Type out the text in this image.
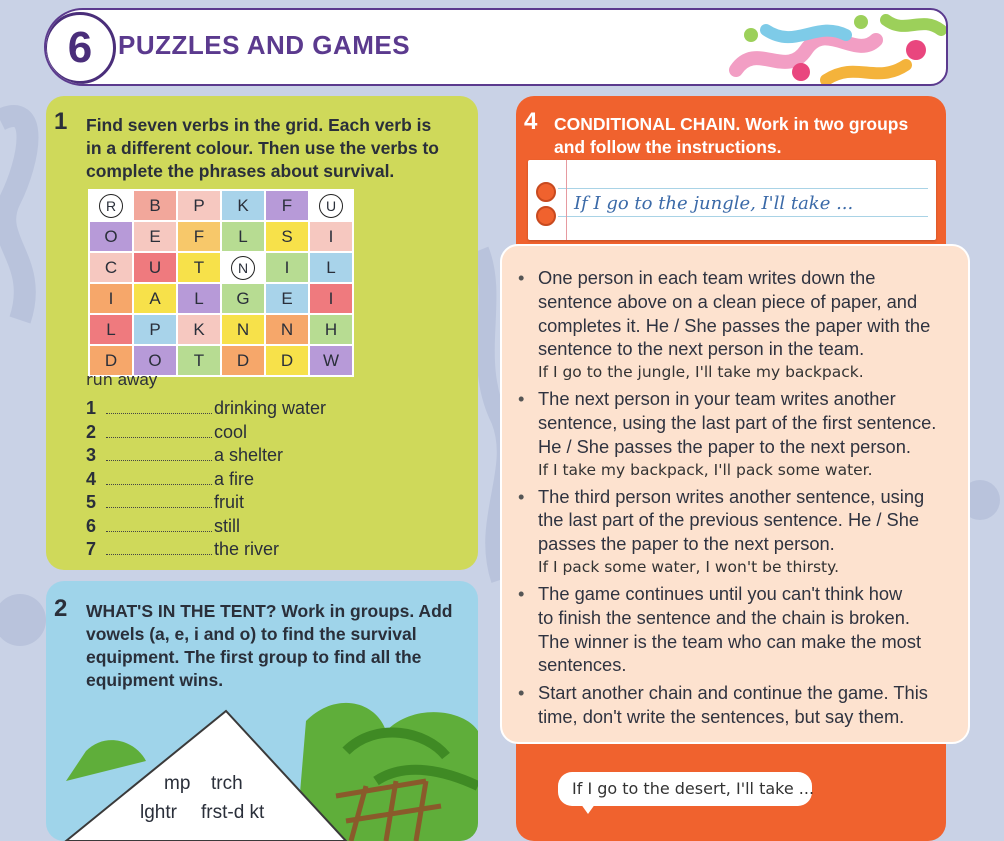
6 PUZZLES AND GAMES
1 Find seven verbs in the grid. Each verb is
in a different colour. Then use the verbs to
complete the phrases about survival.
R	B P K F	U
O E F L S I
C U T	N	I L
I A L G E I
L P K N N H
D O T D D W
run away
1	drinking water
2	cool
3	a shelter
4	a fire
5	fruit
6	still
7	the river
2 WHAT'S IN THE TENT? Work in groups. Add
vowels (a, e, i and o) to find the survival
equipment. The first group to find all the
equipment wins.
mp trch
lghtr frst-d kt
4 CONDITIONAL CHAIN. Work in two groups
and follow the instructions.
If I go to the jungle, I'll take ...
• One person in each team writes down the
sentence above on a clean piece of paper, and
completes it. He / She passes the paper with the
sentence to the next person in the team.
If I go to the jungle, I'll take my backpack.
• The next person in your team writes another
sentence, using the last part of the first sentence.
He / She passes the paper to the next person.
If I take my backpack, I'll pack some water.
• The third person writes another sentence, using
the last part of the previous sentence. He / She
passes the paper to the next person.
If I pack some water, I won't be thirsty.
• The game continues until you can't think how
to finish the sentence and the chain is broken.
The winner is the team who can make the most
sentences.
• Start another chain and continue the game. This
time, don't write the sentences, but say them.
If I go to the desert, I'll take ...
